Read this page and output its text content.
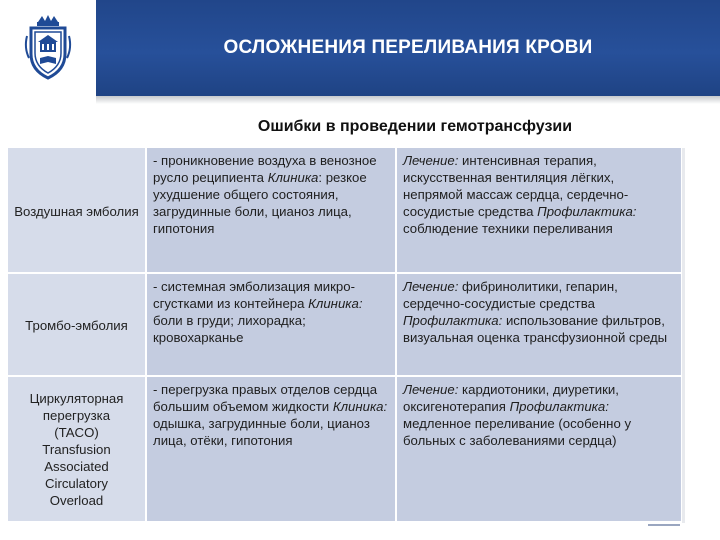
ОСЛОЖНЕНИЯ ПЕРЕЛИВАНИЯ КРОВИ
Ошибки в проведении гемотрансфузии
Воздушная эмболия

- проникновение воздуха в венозное русло реципиента Клиника: резкое ухудшение общего состояния, загрудинные боли, цианоз лица, гипотония

Лечение: интенсивная терапия, искусственная вентиляция лёгких, непрямой массаж сердца, сердечно-сосудистые средства Профилактика: соблюдение техники переливания

Тромбо-эмболия

- системная эмболизация микро-сгустками из контейнера Клиника: боли в груди; лихорадка; кровохарканье

Лечение: фибринолитики, гепарин, сердечно-сосудистые средства Профилактика: использование фильтров, визуальная оценка трансфузионной среды

Циркуляторная перегрузка (TACO) Transfusion Associated Circulatory Overload

- перегрузка правых отделов сердца большим объемом жидкости Клиника: одышка, загрудинные боли, цианоз лица, отёки, гипотония

Лечение: кардиотоники, диуретики, оксигенотерапия Профилактика: медленное переливание (особенно у больных с заболеваниями сердца)
